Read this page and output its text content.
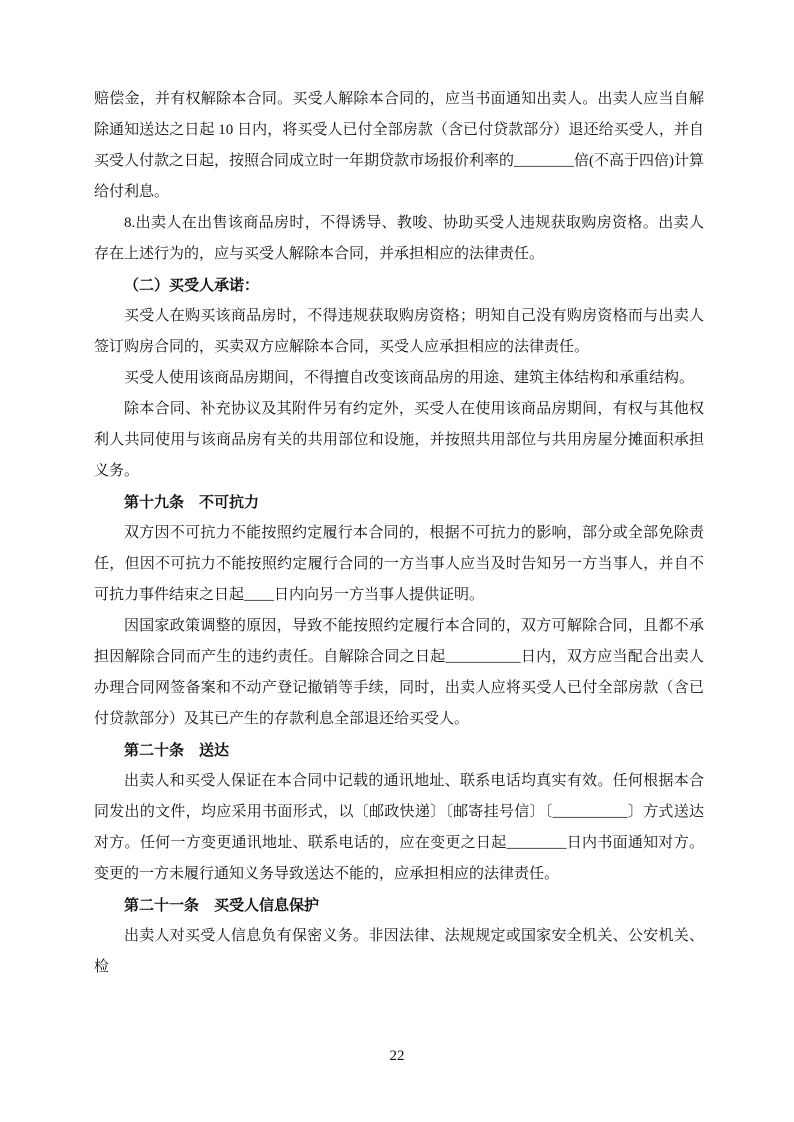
赔偿金，并有权解除本合同。买受人解除本合同的，应当书面通知出卖人。出卖人应当自解除通知送达之日起 10 日内，将买受人已付全部房款（含已付贷款部分）退还给买受人，并自买受人付款之日起，按照合同成立时一年期贷款市场报价利率的________倍(不高于四倍)计算给付利息。

8.出卖人在出售该商品房时，不得诱导、教唆、协助买受人违规获取购房资格。出卖人存在上述行为的，应与买受人解除本合同，并承担相应的法律责任。

（二）买受人承诺：

买受人在购买该商品房时，不得违规获取购房资格；明知自己没有购房资格而与出卖人签订购房合同的，买卖双方应解除本合同，买受人应承担相应的法律责任。

买受人使用该商品房期间，不得擅自改变该商品房的用途、建筑主体结构和承重结构。

除本合同、补充协议及其附件另有约定外，买受人在使用该商品房期间，有权与其他权利人共同使用与该商品房有关的共用部位和设施，并按照共用部位与共用房屋分摊面积承担义务。

第十九条　不可抗力

双方因不可抗力不能按照约定履行本合同的，根据不可抗力的影响，部分或全部免除责任，但因不可抗力不能按照约定履行合同的一方当事人应当及时告知另一方当事人，并自不可抗力事件结束之日起____日内向另一方当事人提供证明。

因国家政策调整的原因，导致不能按照约定履行本合同的，双方可解除合同，且都不承担因解除合同而产生的违约责任。自解除合同之日起__________日内，双方应当配合出卖人办理合同网签备案和不动产登记撤销等手续，同时，出卖人应将买受人已付全部房款（含已付贷款部分）及其已产生的存款利息全部退还给买受人。

第二十条　送达

出卖人和买受人保证在本合同中记载的通讯地址、联系电话均真实有效。任何根据本合同发出的文件，均应采用书面形式，以〔邮政快递〕〔邮寄挂号信〕〔__________〕方式送达对方。任何一方变更通讯地址、联系电话的，应在变更之日起________日内书面通知对方。变更的一方未履行通知义务导致送达不能的，应承担相应的法律责任。

第二十一条　买受人信息保护

出卖人对买受人信息负有保密义务。非因法律、法规规定或国家安全机关、公安机关、检

22
